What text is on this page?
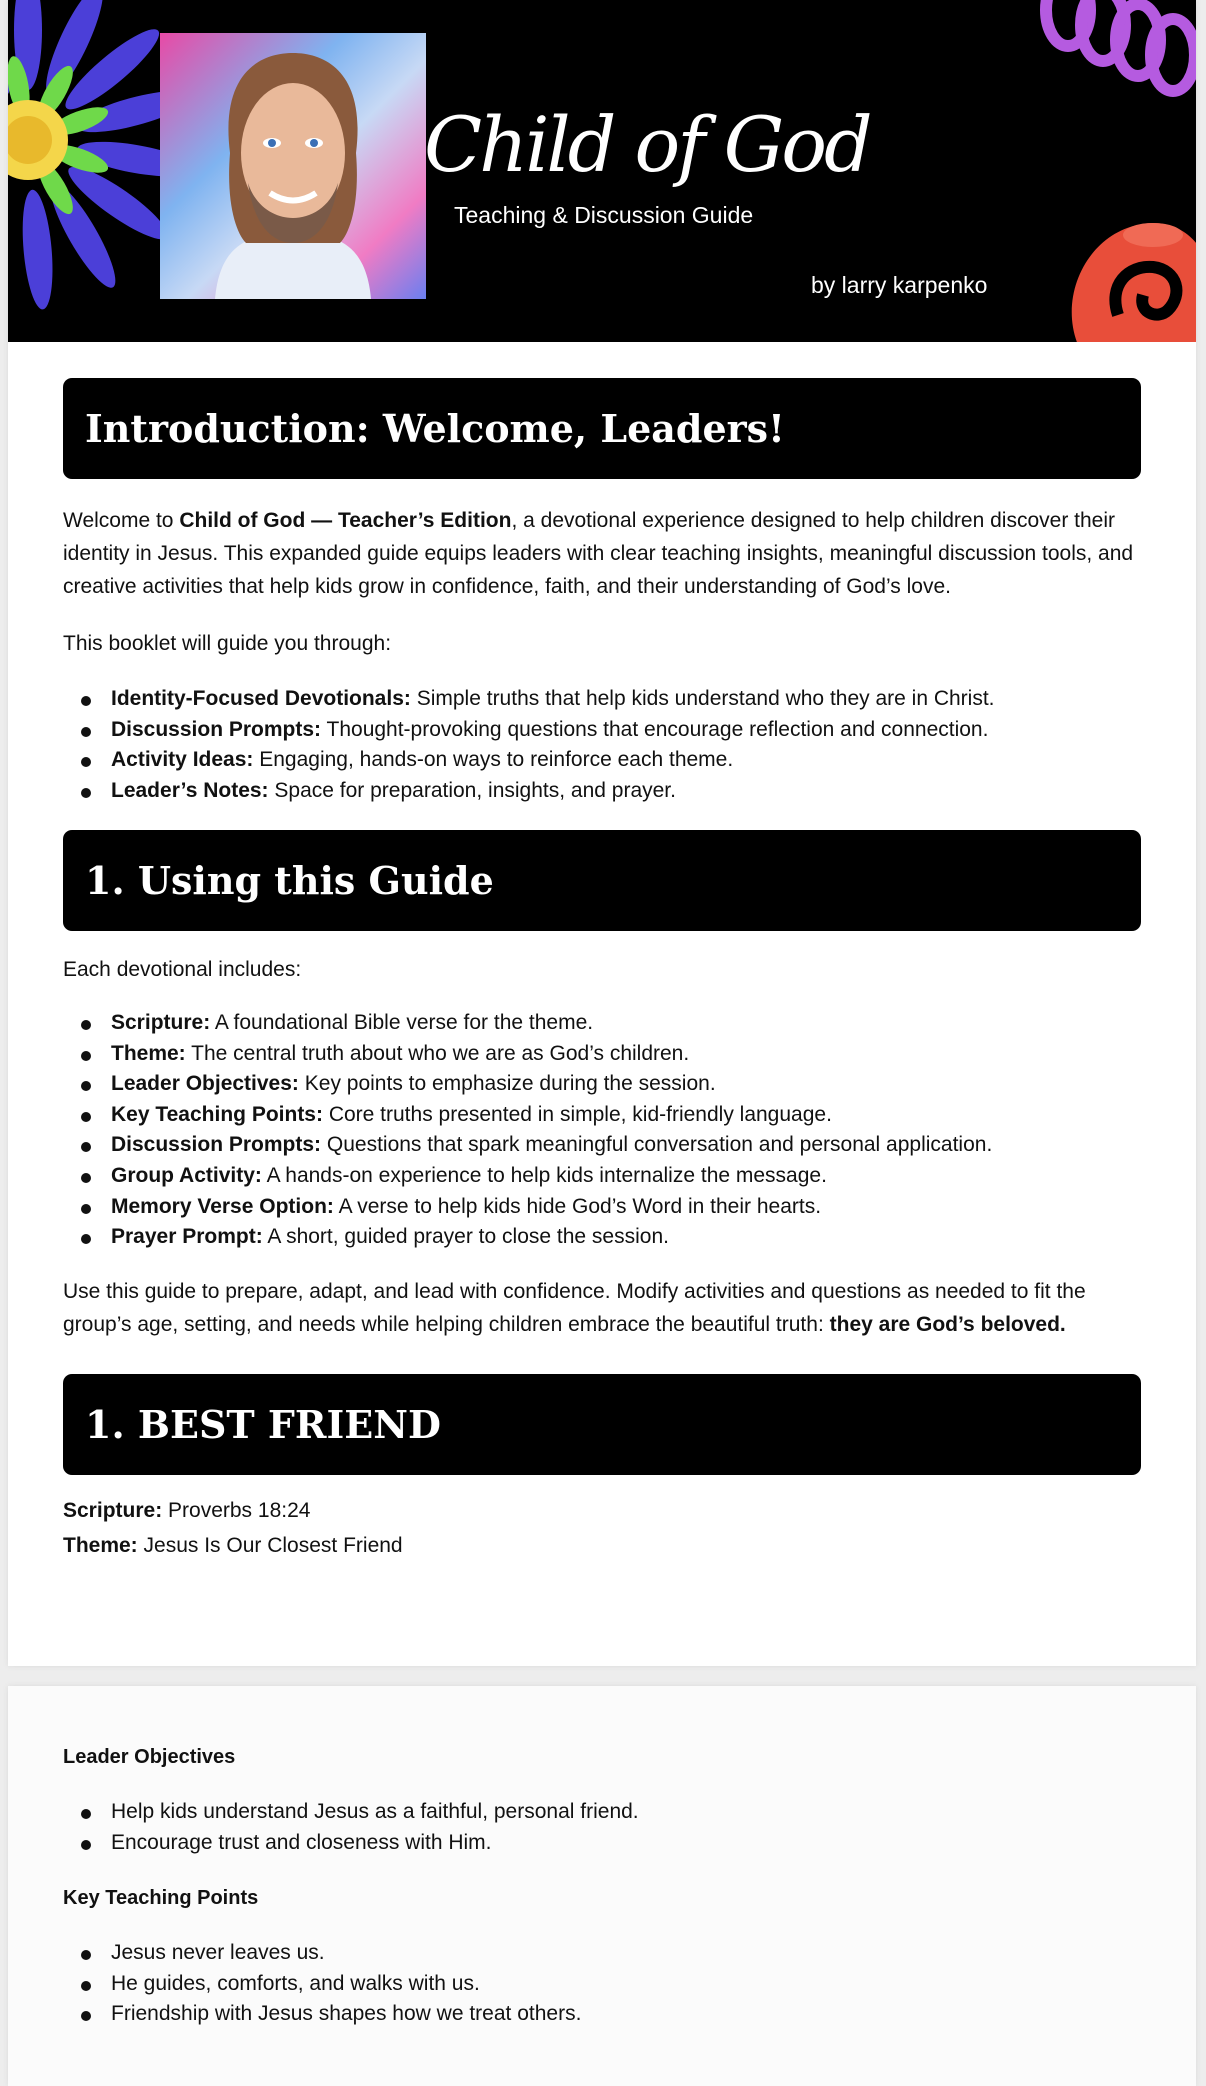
Child of God
Teaching & Discussion Guide
by larry karpenko
Introduction: Welcome, Leaders!

Welcome to Child of God — Teacher’s Edition, a devotional experience designed to help children discover their identity in Jesus. This expanded guide equips leaders with clear teaching insights, meaningful discussion tools, and creative activities that help kids grow in confidence, faith, and their understanding of God’s love.

This booklet will guide you through:

Identity-Focused Devotionals: Simple truths that help kids understand who they are in Christ.
Discussion Prompts: Thought-provoking questions that encourage reflection and connection.
Activity Ideas: Engaging, hands-on ways to reinforce each theme.
Leader’s Notes: Space for preparation, insights, and prayer.
1. Using this Guide

Each devotional includes:

Scripture: A foundational Bible verse for the theme.
Theme: The central truth about who we are as God’s children.
Leader Objectives: Key points to emphasize during the session.
Key Teaching Points: Core truths presented in simple, kid-friendly language.
Discussion Prompts: Questions that spark meaningful conversation and personal application.
Group Activity: A hands-on experience to help kids internalize the message.
Memory Verse Option: A verse to help kids hide God’s Word in their hearts.
Prayer Prompt: A short, guided prayer to close the session.

Use this guide to prepare, adapt, and lead with confidence. Modify activities and questions as needed to fit the group’s age, setting, and needs while helping children embrace the beautiful truth: they are God’s beloved.

1. BEST FRIEND

Scripture: Proverbs 18:24

Theme: Jesus Is Our Closest Friend

Leader Objectives
Help kids understand Jesus as a faithful, personal friend.
Encourage trust and closeness with Him.
Key Teaching Points
Jesus never leaves us.
He guides, comforts, and walks with us.
Friendship with Jesus shapes how we treat others.
